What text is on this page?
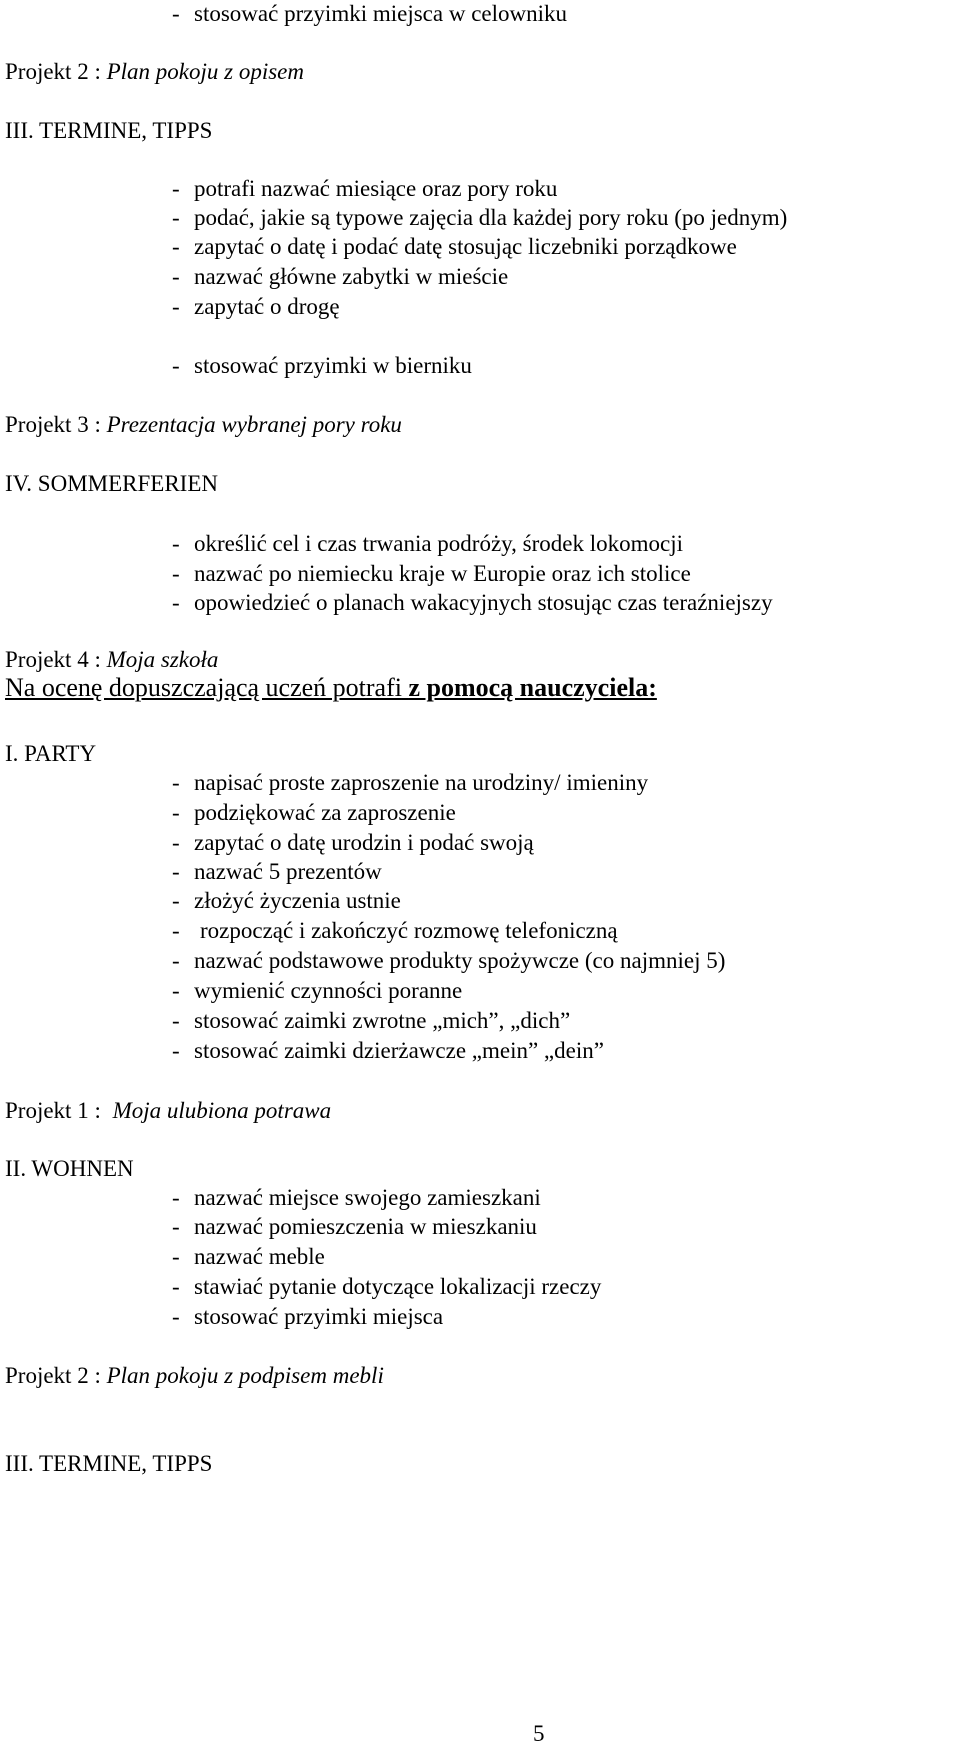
- stosować przyimki miejsca w celowniku
Projekt 2 : Plan pokoju z opisem
III. TERMINE, TIPPS
- potrafi nazwać miesiące oraz pory roku
- podać, jakie są typowe zajęcia dla każdej pory roku (po jednym)
- zapytać o datę i podać datę stosując liczebniki porządkowe
- nazwać główne zabytki w mieście
- zapytać o drogę
- stosować przyimki w bierniku
Projekt 3 : Prezentacja wybranej pory roku
IV. SOMMERFERIEN
- określić cel i czas trwania podróży, środek lokomocji
- nazwać po niemiecku kraje w Europie oraz ich stolice
- opowiedzieć o planach wakacyjnych stosując czas teraźniejszy
Projekt 4 : Moja szkoła
Na ocenę dopuszczającą uczeń potrafi z pomocą nauczyciela:
I. PARTY
- napisać proste zaproszenie na urodziny/ imieniny
- podziękować za zaproszenie
- zapytać o datę urodzin i podać swoją
- nazwać 5 prezentów
- złożyć życzenia ustnie
- rozpocząć i zakończyć rozmowę telefoniczną
- nazwać podstawowe produkty spożywcze (co najmniej 5)
- wymienić czynności poranne
- stosować zaimki zwrotne „mich”, „dich”
- stosować zaimki dzierżawcze „mein” „dein”
Projekt 1 : Moja ulubiona potrawa
II. WOHNEN
- nazwać miejsce swojego zamieszkani
- nazwać pomieszczenia w mieszkaniu
- nazwać meble
- stawiać pytanie dotyczące lokalizacji rzeczy
- stosować przyimki miejsca
Projekt 2 : Plan pokoju z podpisem mebli
III. TERMINE, TIPPS
5
